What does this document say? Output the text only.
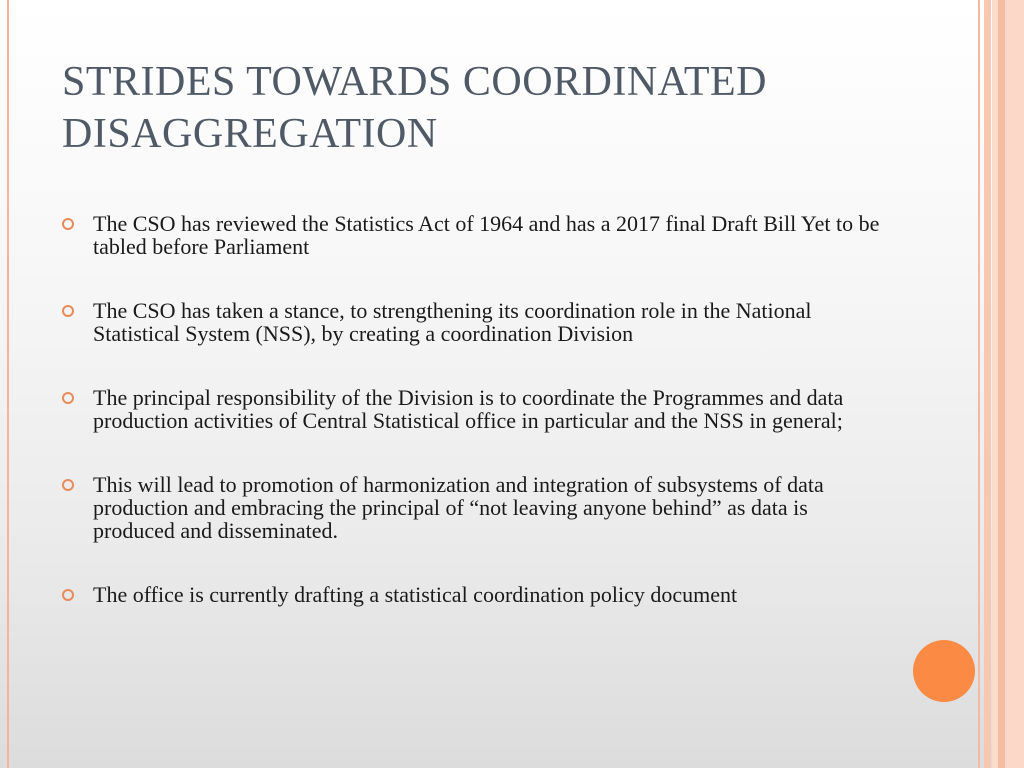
STRIDES TOWARDS COORDINATED DISAGGREGATION
The CSO has reviewed the Statistics Act of 1964 and has a 2017 final Draft Bill Yet to be tabled before Parliament
The CSO has taken a stance, to strengthening its coordination role in the National Statistical System (NSS), by creating a coordination Division
The principal responsibility of the Division is to coordinate the Programmes and data production activities of Central Statistical office in particular and the NSS in general;
This will lead to promotion of harmonization and integration of subsystems of data production and embracing the principal of “not leaving anyone behind” as data is produced and disseminated.
The office is currently drafting a statistical coordination policy document
